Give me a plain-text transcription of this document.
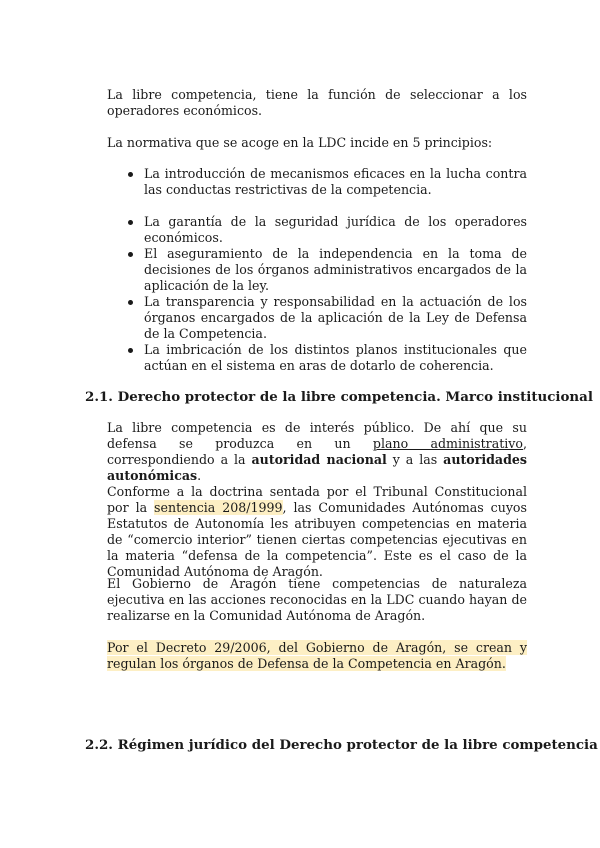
La libre competencia, tiene la función de seleccionar a los operadores económicos.

La normativa que se acoge en la LDC incide en 5 principios:

La introducción de mecanismos eficaces en la lucha contra las conductas restrictivas de la competencia.

La garantía de la seguridad jurídica de los operadores económicos.

El aseguramiento de la independencia en la toma de decisiones de los órganos administrativos encargados de la aplicación de la ley.

La transparencia y responsabilidad en la actuación de los órganos encargados de la aplicación de la Ley de Defensa de la Competencia.

La imbricación de los distintos planos institucionales que actúan en el sistema en aras de dotarlo de coherencia.

2.1. Derecho protector de la libre competencia. Marco institucional

La libre competencia es de interés público. De ahí que su defensa se produzca en un plano administrativo, correspondiendo a la autoridad nacional y a las autoridades autonómicas.

Conforme a la doctrina sentada por el Tribunal Constitucional por la sentencia 208/1999, las Comunidades Autónomas cuyos Estatutos de Autonomía les atribuyen competencias en materia de “comercio interior” tienen ciertas competencias ejecutivas en la materia “defensa de la competencia”. Este es el caso de la Comunidad Autónoma de Aragón.

El Gobierno de Aragón tiene competencias de naturaleza ejecutiva en las acciones reconocidas en la LDC cuando hayan de realizarse en la Comunidad Autónoma de Aragón.

Por el Decreto 29/2006, del Gobierno de Aragón, se crean y regulan los órganos de Defensa de la Competencia en Aragón.

2.2. Régimen jurídico del Derecho protector de la libre competencia
